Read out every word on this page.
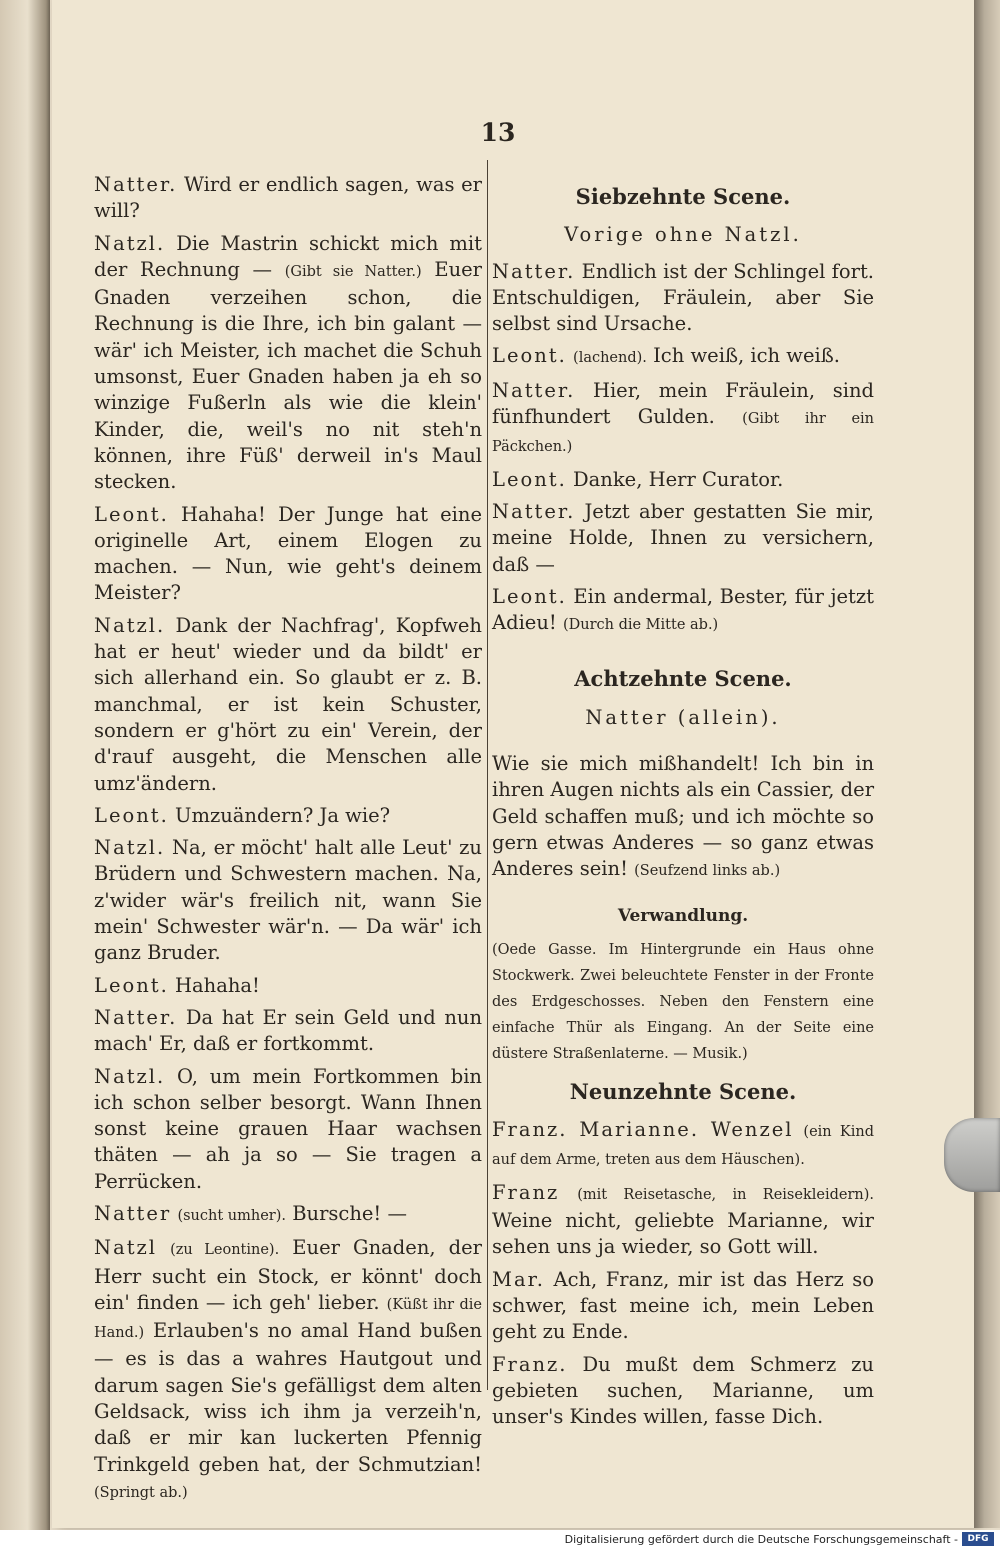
13

Natter. Wird er endlich sagen, was er will?

Natzl. Die Mastrin schickt mich mit der Rechnung — (Gibt sie Natter.) Euer Gnaden verzeihen schon, die Rechnung is die Ihre, ich bin galant — wär' ich Meister, ich machet die Schuh umsonst, Euer Gnaden haben ja eh so winzige Fußerln als wie die klein' Kinder, die, weil's no nit steh'n können, ihre Füß' derweil in's Maul stecken.

Leont. Hahaha! Der Junge hat eine originelle Art, einem Elogen zu machen. — Nun, wie geht's deinem Meister?

Natzl. Dank der Nachfrag', Kopfweh hat er heut' wieder und da bildt' er sich allerhand ein. So glaubt er z. B. manchmal, er ist kein Schuster, sondern er g'hört zu ein' Verein, der d'rauf ausgeht, die Menschen alle umz'ändern.

Leont. Umzuändern? Ja wie?

Natzl. Na, er möcht' halt alle Leut' zu Brüdern und Schwestern machen. Na, z'wider wär's freilich nit, wann Sie mein' Schwester wär'n. — Da wär' ich ganz Bruder.

Leont. Hahaha!

Natter. Da hat Er sein Geld und nun mach' Er, daß er fortkommt.

Natzl. O, um mein Fortkommen bin ich schon selber besorgt. Wann Ihnen sonst keine grauen Haar wachsen thäten — ah ja so — Sie tragen a Perrücken.

Natter (sucht umher). Bursche! —

Natzl (zu Leontine). Euer Gnaden, der Herr sucht ein Stock, er könnt' doch ein' finden — ich geh' lieber. (Küßt ihr die Hand.) Erlauben's no amal Hand bußen — es is das a wahres Hautgout und darum sagen Sie's gefälligst dem alten Geldsack, wiss ich ihm ja verzeih'n, daß er mir kan luckerten Pfennig Trinkgeld geben hat, der Schmutzian! (Springt ab.)

Siebzehnte Scene.
Vorige ohne Natzl.

Natter. Endlich ist der Schlingel fort. Entschuldigen, Fräulein, aber Sie selbst sind Ursache.

Leont. (lachend). Ich weiß, ich weiß.

Natter. Hier, mein Fräulein, sind fünfhundert Gulden. (Gibt ihr ein Päckchen.)

Leont. Danke, Herr Curator.

Natter. Jetzt aber gestatten Sie mir, meine Holde, Ihnen zu versichern, daß —

Leont. Ein andermal, Bester, für jetzt Adieu! (Durch die Mitte ab.)

Achtzehnte Scene.
Natter (allein).

Wie sie mich mißhandelt! Ich bin in ihren Augen nichts als ein Cassier, der Geld schaffen muß; und ich möchte so gern etwas Anderes — so ganz etwas Anderes sein! (Seufzend links ab.)

Verwandlung.
(Oede Gasse. Im Hintergrunde ein Haus ohne Stockwerk. Zwei beleuchtete Fenster in der Fronte des Erdgeschosses. Neben den Fenstern eine einfache Thür als Eingang. An der Seite eine düstere Straßenlaterne. — Musik.)
Neunzehnte Scene.

Franz. Marianne. Wenzel (ein Kind auf dem Arme, treten aus dem Häuschen).

Franz (mit Reisetasche, in Reisekleidern). Weine nicht, geliebte Marianne, wir sehen uns ja wieder, so Gott will.

Mar. Ach, Franz, mir ist das Herz so schwer, fast meine ich, mein Leben geht zu Ende.

Franz. Du mußt dem Schmerz zu gebieten suchen, Marianne, um unser's Kindes willen, fasse Dich.

Digitalisierung gefördert durch die Deutsche Forschungsgemeinschaft -	DFG
